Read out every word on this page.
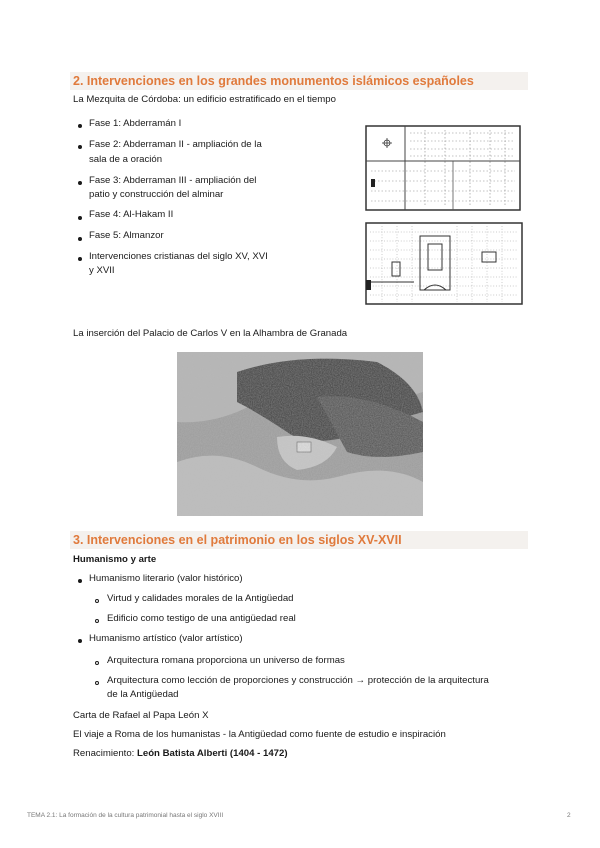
2. Intervenciones en los grandes monumentos islámicos españoles
La Mezquita de Córdoba: un edificio estratificado en el tiempo
Fase 1: Abderramán I
Fase 2: Abderraman II - ampliación de la
sala de a oración
Fase 3: Abderraman III - ampliación del
patio y construcción del alminar
Fase 4: Al-Hakam II
Fase 5: Almanzor
Intervenciones cristianas del siglo XV, XVI
y XVII
La inserción del Palacio de Carlos V en la Alhambra de Granada
3. Intervenciones en el patrimonio en los siglos XV-XVII
Humanismo y arte
Humanismo literario (valor histórico)
Virtud y calidades morales de la Antigüedad
Edificio como testigo de una antigüedad real
Humanismo artístico (valor artístico)
Arquitectura romana proporciona un universo de formas
Arquitectura como lección de proporciones y construcción → protección de la arquitectura
de la Antigüedad
Carta de Rafael al Papa León X
El viaje a Roma de los humanistas - la Antigüedad como fuente de estudio e inspiración
Renacimiento: León Batista Alberti (1404 - 1472)
TEMA 2.1: La formación de la cultura patrimonial hasta el siglo XVIII	2
